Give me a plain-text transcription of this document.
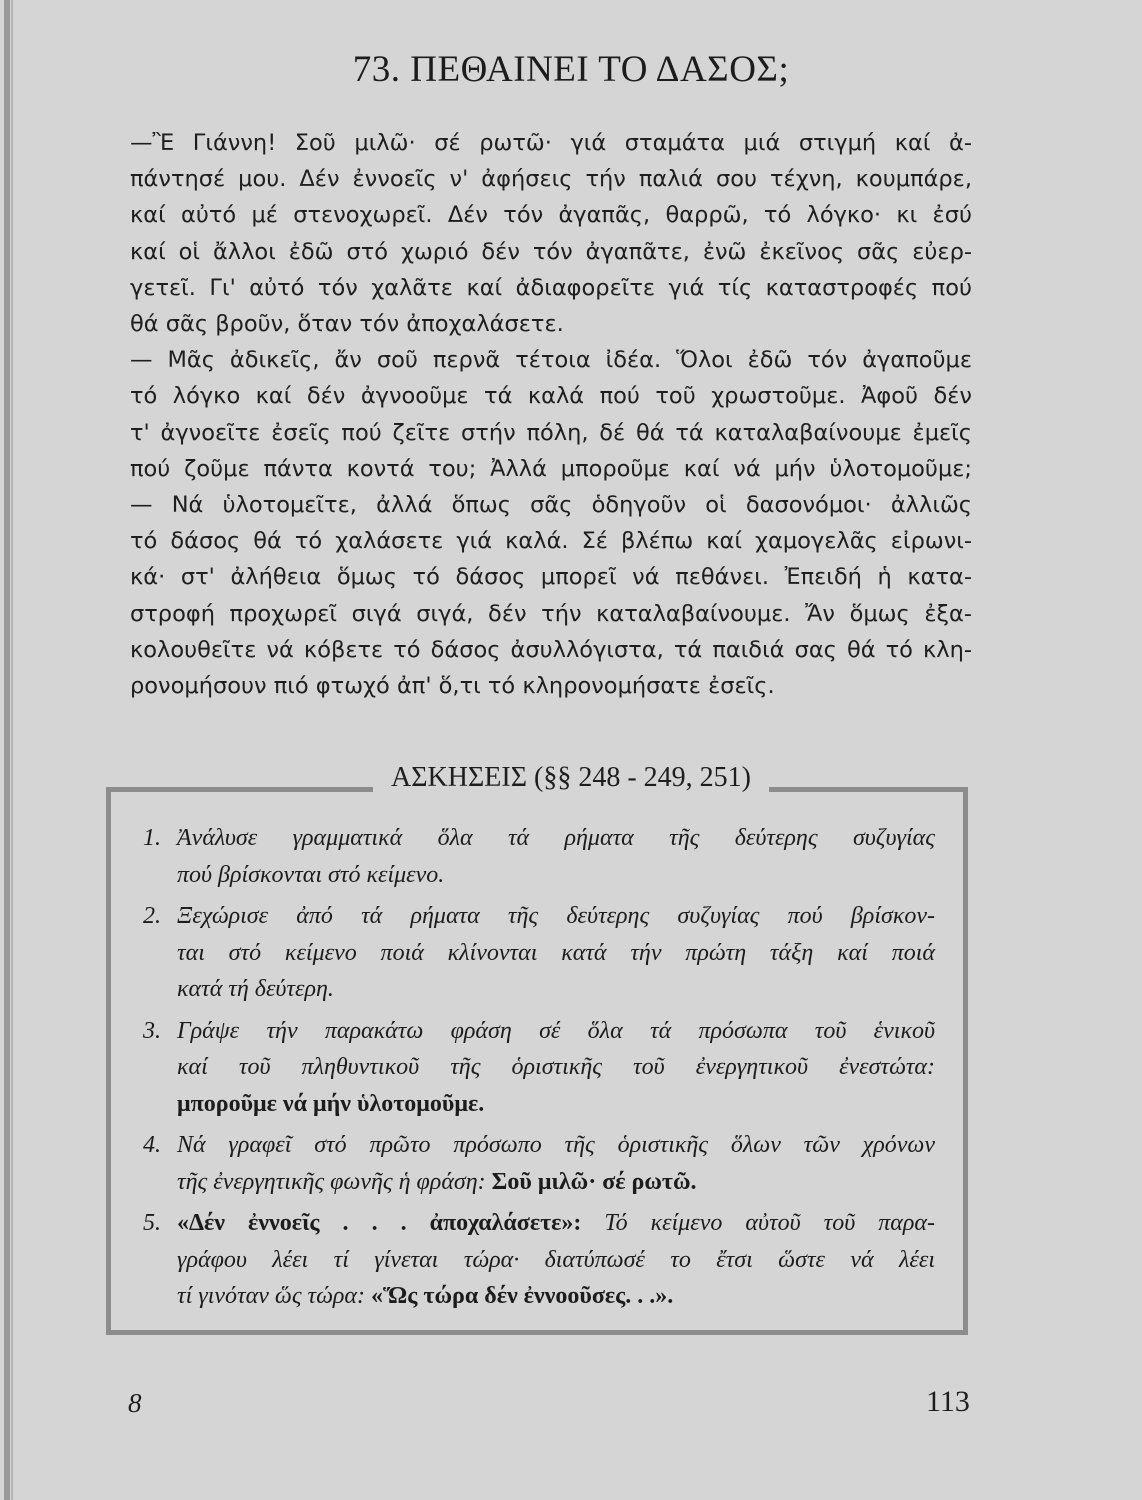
73. ΠΕΘΑΙΝΕΙ ΤΟ ΔΑΣΟΣ;
—Ἒ Γιάννη! Σοῦ μιλῶ· σέ ρωτῶ· γιά σταμάτα μιά στιγμή καί ἀ-
πάντησέ μου. Δέν ἐννοεῖς ν' ἀφήσεις τήν παλιά σου τέχνη, κουμπάρε,
καί αὐτό μέ στενοχωρεῖ. Δέν τόν ἀγαπᾶς, θαρρῶ, τό λόγκο· κι ἐσύ
καί οἱ ἄλλοι ἐδῶ στό χωριό δέν τόν ἀγαπᾶτε, ἐνῶ ἐκεῖνος σᾶς εὐερ-
γετεῖ. Γι' αὐτό τόν χαλᾶτε καί ἀδιαφορεῖτε γιά τίς καταστροφές πού
θά σᾶς βροῦν, ὅταν τόν ἀποχαλάσετε.
— Μᾶς ἀδικεῖς, ἄν σοῦ περνᾶ τέτοια ἰδέα. Ὅλοι ἐδῶ τόν ἀγαποῦμε
τό λόγκο καί δέν ἀγνοοῦμε τά καλά πού τοῦ χρωστοῦμε. Ἀφοῦ δέν
τ' ἀγνοεῖτε ἐσεῖς πού ζεῖτε στήν πόλη, δέ θά τά καταλαβαίνουμε ἐμεῖς
πού ζοῦμε πάντα κοντά του; Ἀλλά μποροῦμε καί νά μήν ὑλοτομοῦμε;
— Νά ὑλοτομεῖτε, ἀλλά ὅπως σᾶς ὁδηγοῦν οἱ δασονόμοι· ἀλλιῶς
τό δάσος θά τό χαλάσετε γιά καλά. Σέ βλέπω καί χαμογελᾶς εἰρωνι-
κά· στ' ἀλήθεια ὅμως τό δάσος μπορεῖ νά πεθάνει. Ἐπειδή ἡ κατα-
στροφή προχωρεῖ σιγά σιγά, δέν τήν καταλαβαίνουμε. Ἄν ὅμως ἐξα-
κολουθεῖτε νά κόβετε τό δάσος ἀσυλλόγιστα, τά παιδιά σας θά τό κλη-
ρονομήσουν πιό φτωχό ἀπ' ὅ,τι τό κληρονομήσατε ἐσεῖς.
ΑΣΚΗΣΕΙΣ (§§ 248 - 249, 251)
1. Ἀνάλυσε γραμματικά ὅλα τά ρήματα τῆς δεύτερης συζυγίας
πού βρίσκονται στό κείμενο.
2. Ξεχώρισε ἀπό τά ρήματα τῆς δεύτερης συζυγίας πού βρίσκον-
ται στό κείμενο ποιά κλίνονται κατά τήν πρώτη τάξη καί ποιά
κατά τή δεύτερη.
3. Γράψε τήν παρακάτω φράση σέ ὅλα τά πρόσωπα τοῦ ἑνικοῦ
καί τοῦ πληθυντικοῦ τῆς ὁριστικῆς τοῦ ἐνεργητικοῦ ἐνεστώτα:
μποροῦμε νά μήν ὑλοτομοῦμε.
4. Νά γραφεῖ στό πρῶτο πρόσωπο τῆς ὁριστικῆς ὅλων τῶν χρόνων
τῆς ἐνεργητικῆς φωνῆς ἡ φράση: Σοῦ μιλῶ· σέ ρωτῶ.
5. «Δέν ἐννοεῖς . . . ἀποχαλάσετε»: Τό κείμενο αὐτοῦ τοῦ παρα-
γράφου λέει τί γίνεται τώρα· διατύπωσέ το ἔτσι ὥστε νά λέει
τί γινόταν ὥς τώρα: «Ὥς τώρα δέν ἐννοοῦσες. . .».
8	113
